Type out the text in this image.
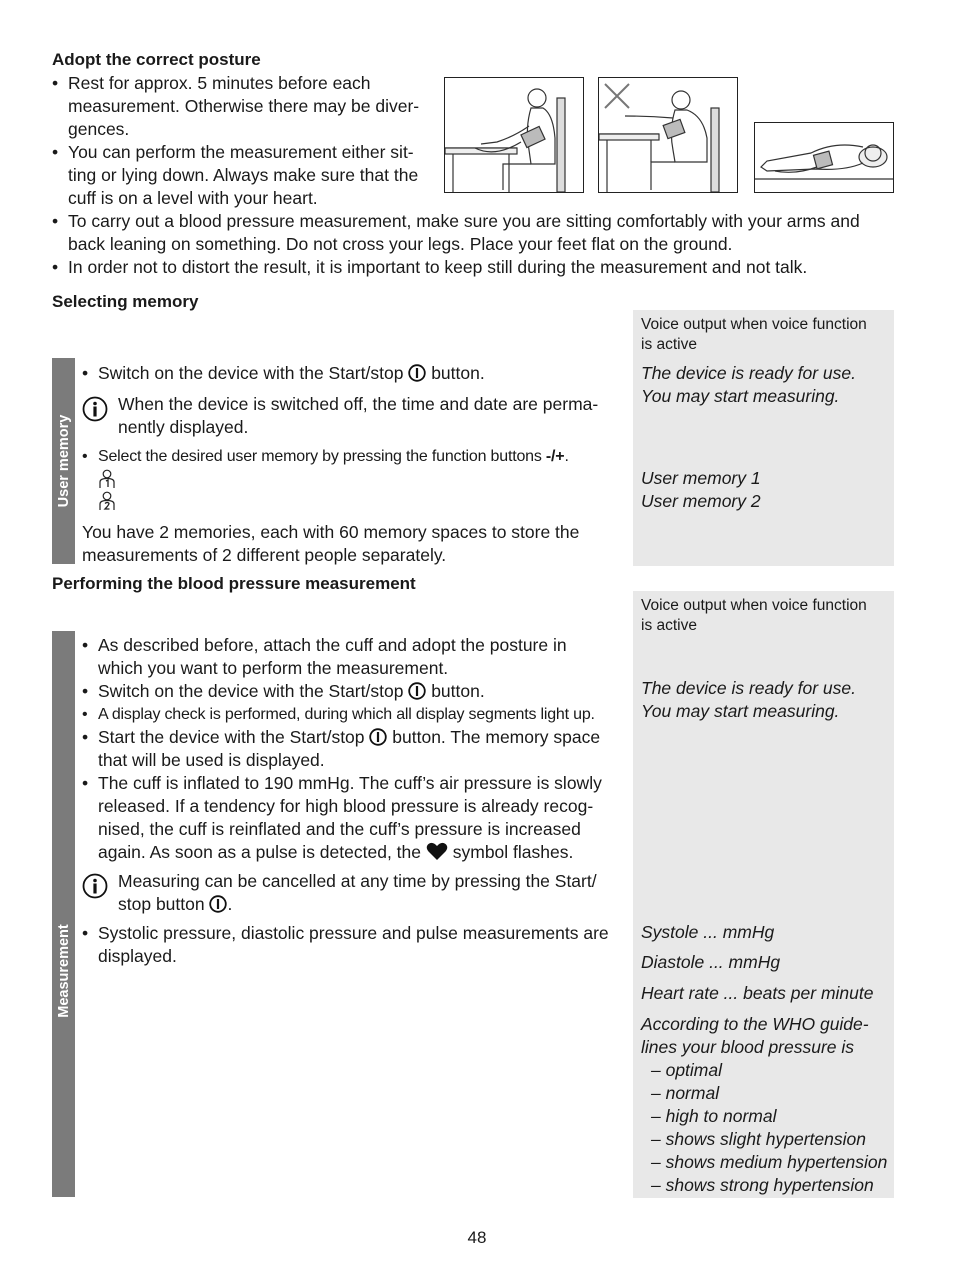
Adopt the correct posture
• Rest for approx. 5 minutes before each
measurement. Otherwise there may be diver-
gences.
• You can perform the measurement either sit-
ting or lying down. Always make sure that the
cuff is on a level with your heart.
• To carry out a blood pressure measurement, make sure you are sitting comfortably with your arms and
back leaning on something. Do not cross your legs. Place your feet flat on the ground.
• In order not to distort the result, it is important to keep still during the measurement and not talk.
Selecting memory
Voice output when voice function
is active
User memory
• Switch on the device with the Start/stop button.
When the device is switched off, the time and date are perma-
nently displayed.
• Select the desired user memory by pressing the function buttons -/+.
You have 2 memories, each with 60 memory spaces to store the
measurements of 2 different people separately.
The device is ready for use.
You may start measuring.
User memory 1
User memory 2
Performing the blood pressure measurement
Voice output when voice function
is active
Measurement
• As described before, attach the cuff and adopt the posture in
which you want to perform the measurement.
• Switch on the device with the Start/stop button.
• A display check is performed, during which all display segments light up.
• Start the device with the Start/stop button. The memory space
that will be used is displayed.
• The cuff is inflated to 190 mmHg. The cuff’s air pressure is slowly
released. If a tendency for high blood pressure is already recog-
nised, the cuff is reinflated and the cuff’s pressure is increased
again. As soon as a pulse is detected, the symbol flashes.
Measuring can be cancelled at any time by pressing the Start/
stop button .
• Systolic pressure, diastolic pressure and pulse measurements are
displayed.
The device is ready for use.
You may start measuring.
Systole ... mmHg
Diastole ... mmHg
Heart rate ... beats per minute
According to the WHO guide-
lines your blood pressure is
– optimal
– normal
– high to normal
– shows slight hypertension
– shows medium hypertension
– shows strong hypertension
48
